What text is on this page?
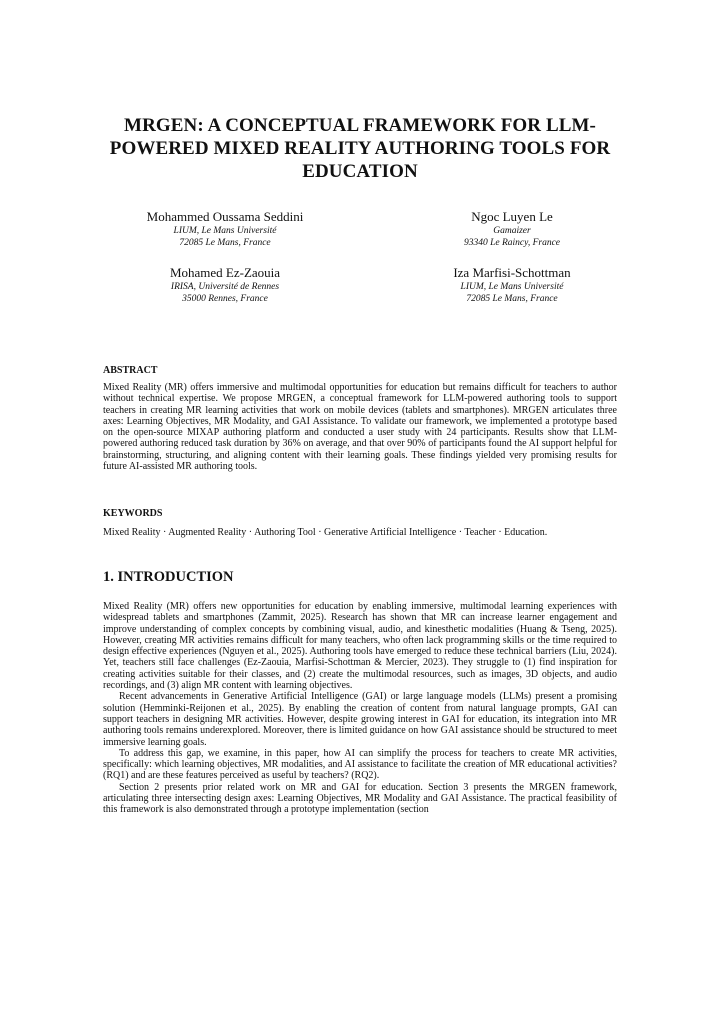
MRGEN: A CONCEPTUAL FRAMEWORK FOR LLM-POWERED MIXED REALITY AUTHORING TOOLS FOR EDUCATION
Mohammed Oussama Seddini
LIUM, Le Mans Université
72085 Le Mans, France
Ngoc Luyen Le
Gamaizer
93340 Le Raincy, France
Mohamed Ez-Zaouia
IRISA, Université de Rennes
35000 Rennes, France
Iza Marfisi-Schottman
LIUM, Le Mans Université
72085 Le Mans, France
ABSTRACT

Mixed Reality (MR) offers immersive and multimodal opportunities for education but remains difficult for teachers to author without technical expertise. We propose MRGEN, a conceptual framework for LLM-powered authoring tools to support teachers in creating MR learning activities that work on mobile devices (tablets and smartphones). MRGEN articulates three axes: Learning Objectives, MR Modality, and GAI Assistance. To validate our framework, we implemented a prototype based on the open-source MIXAP authoring platform and conducted a user study with 24 participants. Results show that LLM-powered authoring reduced task duration by 36% on average, and that over 90% of participants found the AI support helpful for brainstorming, structuring, and aligning content with their learning goals. These findings yielded very promising results for future AI-assisted MR authoring tools.

KEYWORDS

Mixed Reality · Augmented Reality · Authoring Tool · Generative Artificial Intelligence · Teacher · Education.

1. INTRODUCTION

Mixed Reality (MR) offers new opportunities for education by enabling immersive, multimodal learning experiences with widespread tablets and smartphones (Zammit, 2025). Research has shown that MR can increase learner engagement and improve understanding of complex concepts by combining visual, audio, and kinesthetic modalities (Huang & Tseng, 2025). However, creating MR activities remains difficult for many teachers, who often lack programming skills or the time required to design effective experiences (Nguyen et al., 2025). Authoring tools have emerged to reduce these technical barriers (Liu, 2024). Yet, teachers still face challenges (Ez-Zaouia, Marfisi-Schottman & Mercier, 2023). They struggle to (1) find inspiration for creating activities suitable for their classes, and (2) create the multimodal resources, such as images, 3D objects, and audio recordings, and (3) align MR content with learning objectives.

Recent advancements in Generative Artificial Intelligence (GAI) or large language models (LLMs) present a promising solution (Hemminki-Reijonen et al., 2025). By enabling the creation of content from natural language prompts, GAI can support teachers in designing MR activities. However, despite growing interest in GAI for education, its integration into MR authoring tools remains underexplored. Moreover, there is limited guidance on how GAI assistance should be structured to meet immersive learning goals.

To address this gap, we examine, in this paper, how AI can simplify the process for teachers to create MR activities, specifically: which learning objectives, MR modalities, and AI assistance to facilitate the creation of MR educational activities? (RQ1) and are these features perceived as useful by teachers? (RQ2).

Section 2 presents prior related work on MR and GAI for education. Section 3 presents the MRGEN framework, articulating three intersecting design axes: Learning Objectives, MR Modality and GAI Assistance. The practical feasibility of this framework is also demonstrated through a prototype implementation (section
